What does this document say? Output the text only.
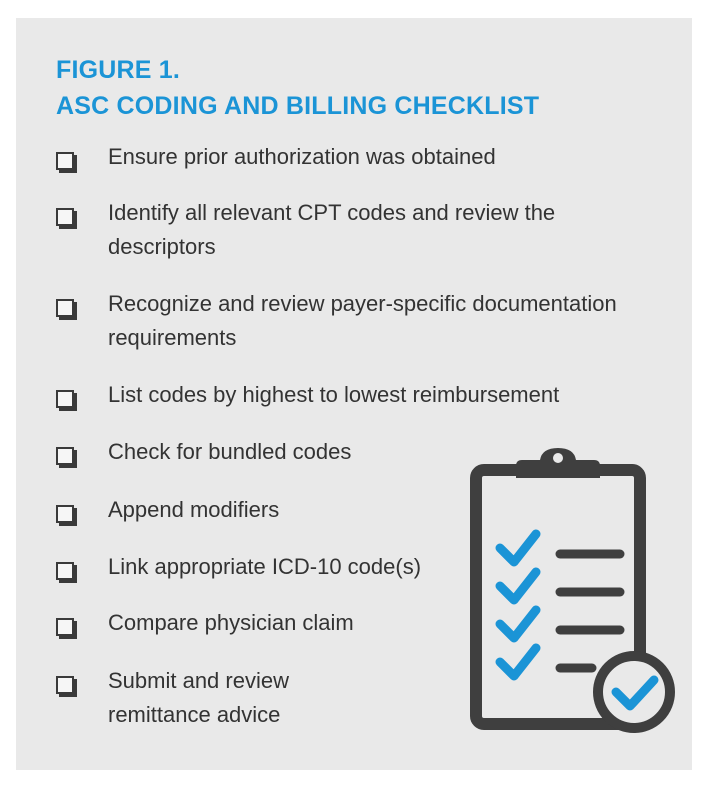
FIGURE 1.
ASC CODING AND BILLING CHECKLIST
Ensure prior authorization was obtained
Identify all relevant CPT codes and review the
descriptors
Recognize and review payer-specific documentation
requirements
List codes by highest to lowest reimbursement
Check for bundled codes
Append modifiers
Link appropriate ICD-10 code(s)
Compare physician claim
Submit and review
remittance advice
